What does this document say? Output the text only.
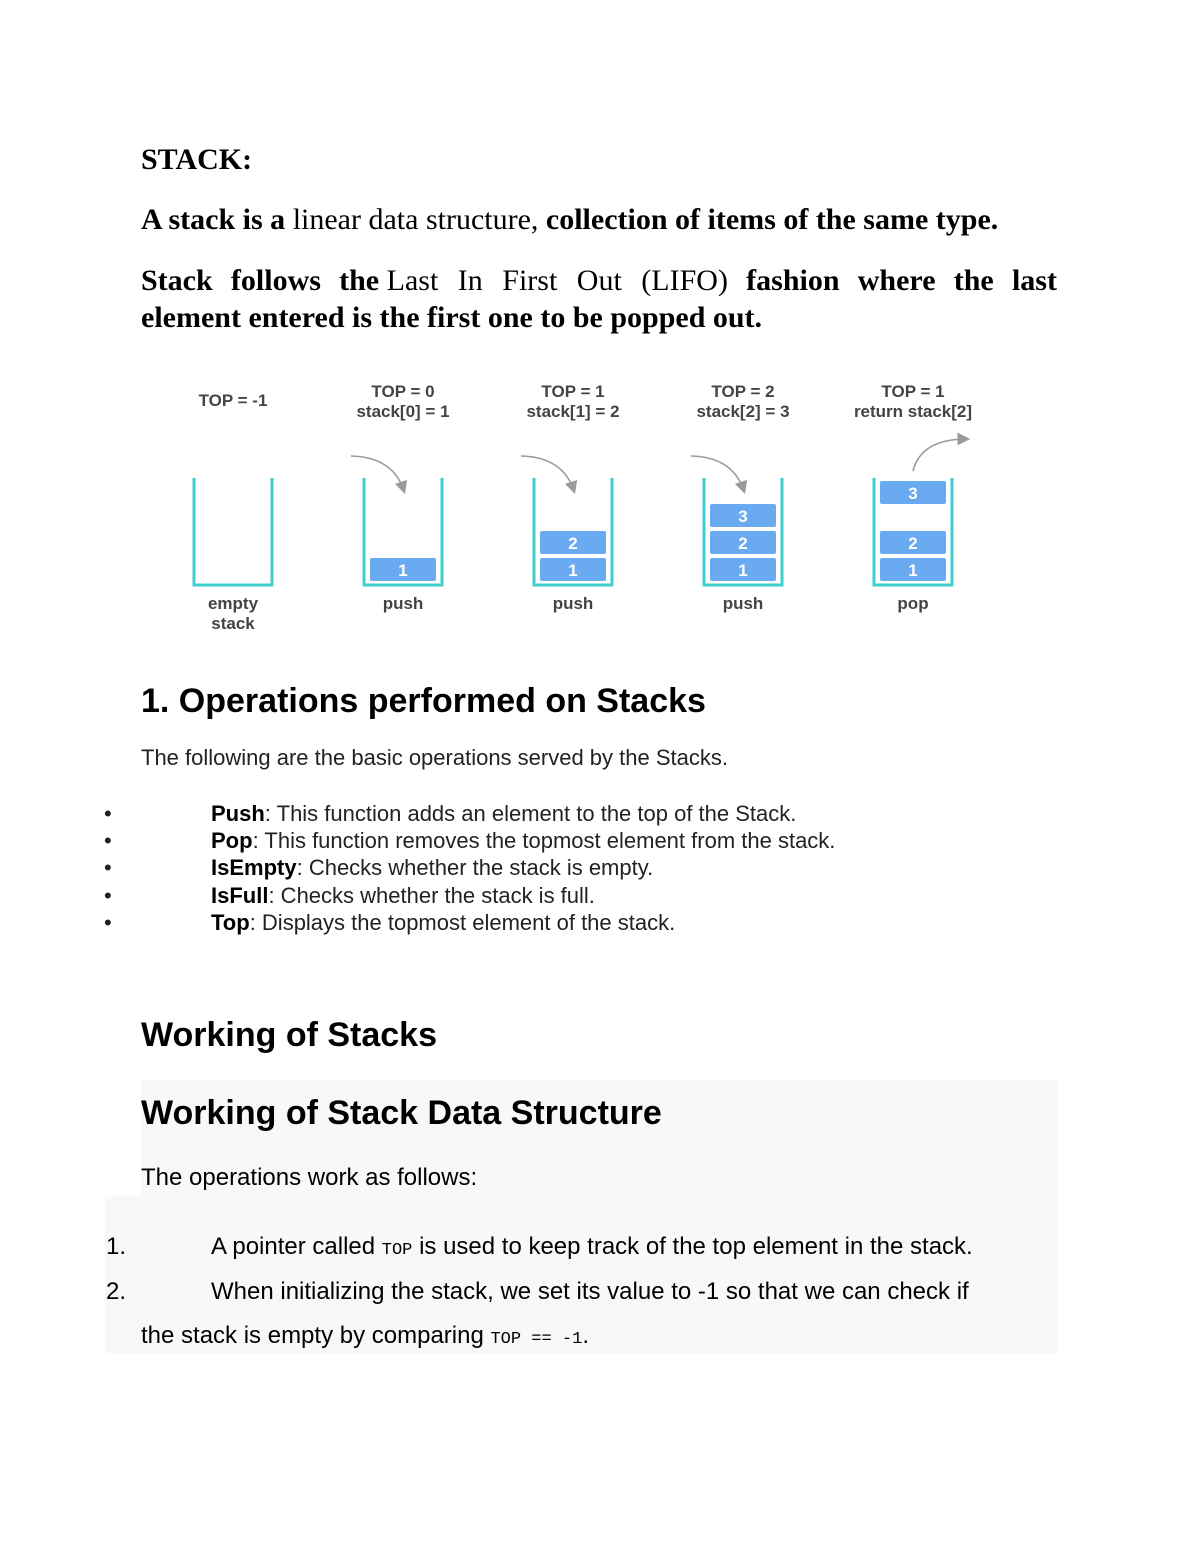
STACK:
A stack is a linear data structure, collection of items of the same type.
Stack follows the Last In First Out (LIFO) fashion where the last
element entered is the first one to be popped out.
TOP = -1
empty
stack
TOP = 0
stack[0] = 1
1
push
TOP = 1
stack[1] = 2
1
2
push
TOP = 2
stack[2] = 3
1
2
3
push
TOP = 1
return stack[2]
1
2
3
pop
1. Operations performed on Stacks
The following are the basic operations served by the Stacks.
•	Push: This function adds an element to the top of the Stack.
•	Pop: This function removes the topmost element from the stack.
•	IsEmpty: Checks whether the stack is empty.
•	IsFull: Checks whether the stack is full.
•	Top: Displays the topmost element of the stack.
Working of Stacks
Working of Stack Data Structure
The operations work as follows:
1.	A pointer called TOP is used to keep track of the top element in the stack.
2.	When initializing the stack, we set its value to -1 so that we can check if
the stack is empty by comparing TOP == -1.
